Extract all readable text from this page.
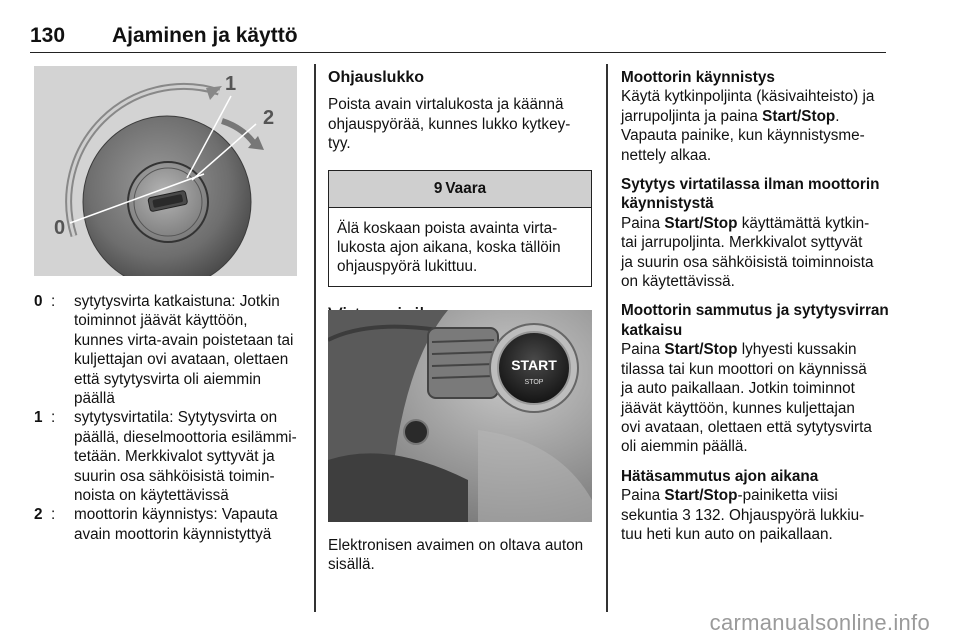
130 Ajaminen ja käyttö
0
1
2
0 : sytytysvirta katkaistuna: Jotkin
toiminnot jäävät käyttöön,
kunnes virta-avain poistetaan tai
kuljettajan ovi avataan, olettaen
että sytytysvirta oli aiemmin
päällä
1 : sytytysvirtatila: Sytytysvirta on
päällä, dieselmoottoria esilämmi-
tetään. Merkkivalot syttyvät ja
suurin osa sähköisistä toimin-
noista on käytettävissä
2 : moottorin käynnistys: Vapauta
avain moottorin käynnistyttyä
Ohjauslukko
Poista avain virtalukosta ja käännä
ohjauspyörää, kunnes lukko kytkey-
tyy.
9 Vaara
Älä koskaan poista avainta virta-
lukosta ajon aikana, koska tällöin
ohjauspyörä lukittuu.
START
STOP
Elektronisen avaimen on oltava auton
sisällä.
Moottorin käynnistys
Käytä kytkinpoljinta (käsivaihteisto) ja
jarrupoljinta ja paina Start/Stop.
Vapauta painike, kun käynnistysme-
nettely alkaa.
Sytytys virtatilassa ilman moottorin
käynnistystä
Paina Start/Stop käyttämättä kytkin-
tai jarrupoljinta. Merkkivalot syttyvät
ja suurin osa sähköisistä toiminnoista
on käytettävissä.
Moottorin sammutus ja sytytysvirran
katkaisu
Paina Start/Stop lyhyesti kussakin
tilassa tai kun moottori on käynnissä
ja auto paikallaan. Jotkin toiminnot
jäävät käyttöön, kunnes kuljettajan
ovi avataan, olettaen että sytytysvirta
oli aiemmin päällä.
Hätäsammutus ajon aikana
Paina Start/Stop-painiketta viisi
sekuntia 3 132. Ohjauspyörä lukkiu-
tuu heti kun auto on paikallaan.
carmanualsonline.info
